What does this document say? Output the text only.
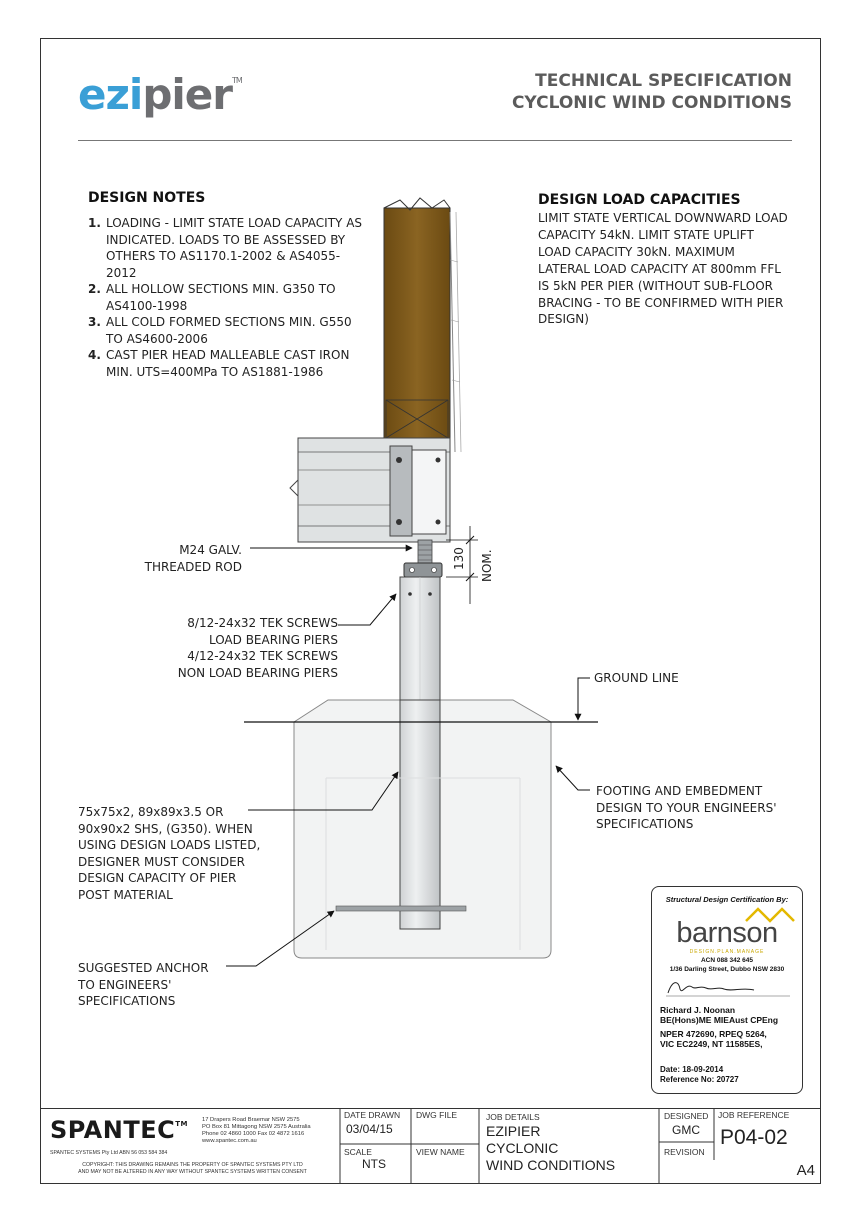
ezipier™	TECHNICAL SPECIFICATION
CYCLONIC WIND CONDITIONS
DESIGN NOTES
1. LOADING - LIMIT STATE LOAD CAPACITY AS INDICATED. LOADS TO BE ASSESSED BY OTHERS TO AS1170.1-2002 & AS4055-2012
2. ALL HOLLOW SECTIONS MIN. G350 TO AS4100-1998
3. ALL COLD FORMED SECTIONS MIN. G550 TO AS4600-2006
4. CAST PIER HEAD MALLEABLE CAST IRON MIN. UTS=400MPa TO AS1881-1986
DESIGN LOAD CAPACITIES
LIMIT STATE VERTICAL DOWNWARD LOAD CAPACITY 54kN. LIMIT STATE UPLIFT LOAD CAPACITY 30kN. MAXIMUM LATERAL LOAD CAPACITY AT 800mm FFL IS 5kN PER PIER (WITHOUT SUB-FLOOR BRACING - TO BE CONFIRMED WITH PIER DESIGN)
130 NOM.
M24 GALV.
THREADED ROD
8/12-24x32 TEK SCREWS
LOAD BEARING PIERS
4/12-24x32 TEK SCREWS
NON LOAD BEARING PIERS	GROUND LINE
FOOTING AND EMBEDMENT
DESIGN TO YOUR ENGINEERS'
SPECIFICATIONS
75x75x2, 89x89x3.5 OR
90x90x2 SHS, (G350). WHEN
USING DESIGN LOADS LISTED,
DESIGNER MUST CONSIDER
DESIGN CAPACITY OF PIER
POST MATERIAL
SUGGESTED ANCHOR
TO ENGINEERS'
SPECIFICATIONS
Structural Design Certification By:
barnson
DESIGN.PLAN.MANAGE
ACN 088 342 645
1/36 Darling Street, Dubbo NSW 2830
Richard J. Noonan
BE(Hons)ME MIEAust CPEng
NPER 472690, RPEQ 5264,
VIC EC2249, NT 11585ES,
Date: 18-09-2014
Reference No: 20727
SPANTEC™ 17 Drapers Road Braemar NSW 2575
PO Box 81 Mittagong NSW 2575 Australia
Phone 02 4860 1000 Fax 02 4872 1616
www.spantec.com.au
SPANTEC SYSTEMS Pty Ltd ABN 56 053 584 384
COPYRIGHT: THIS DRAWING REMAINS THE PROPERTY OF SPANTEC SYSTEMS PTY LTD
AND MAY NOT BE ALTERED IN ANY WAY WITHOUT SPANTEC SYSTEMS WRITTEN CONSENT
DATE DRAWN
03/04/15
DWG FILE
SCALE
NTS
VIEW NAME
JOB DETAILS
EZIPIER
CYCLONIC
WIND CONDITIONS
DESIGNED
GMC
REVISION
JOB REFERENCE
P04-02
A4
